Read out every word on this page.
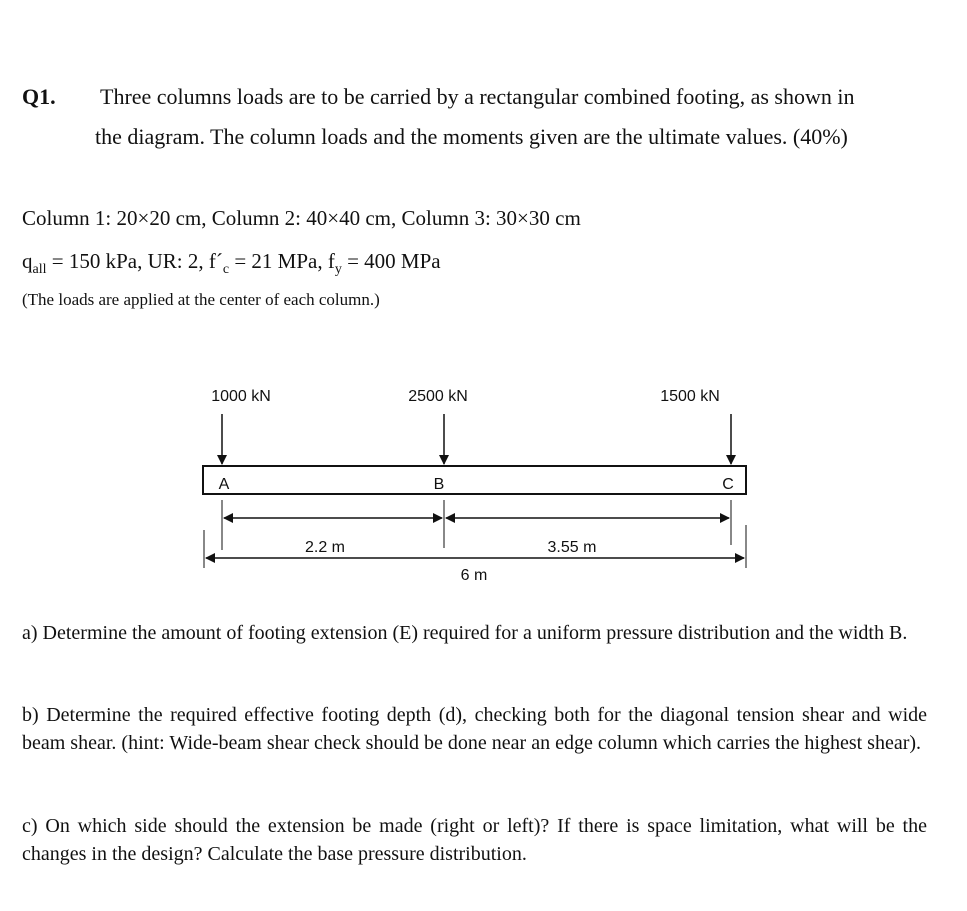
Q1. Three columns loads are to be carried by a rectangular combined footing, as shown in
the diagram. The column loads and the moments given are the ultimate values. (40%)
Column 1: 20×20 cm, Column 2: 40×40 cm, Column 3: 30×30 cm
$q_{all} = 150$ kPa, UR: 2, $f´_c = 21$ MPa, $f_y = 400$ MPa
(The loads are applied at the center of each column.)
1000 kN	2500 kN	1500 kN
A	B	C
2.2 m	3.55 m
6 m
a) Determine the amount of footing extension (E) required for a uniform pressure distribution and the width B.
b) Determine the required effective footing depth (d), checking both for the diagonal tension shear and wide beam shear. (hint: Wide-beam shear check should be done near an edge column which carries the highest shear).
c) On which side should the extension be made (right or left)? If there is space limitation, what will be the changes in the design? Calculate the base pressure distribution.
